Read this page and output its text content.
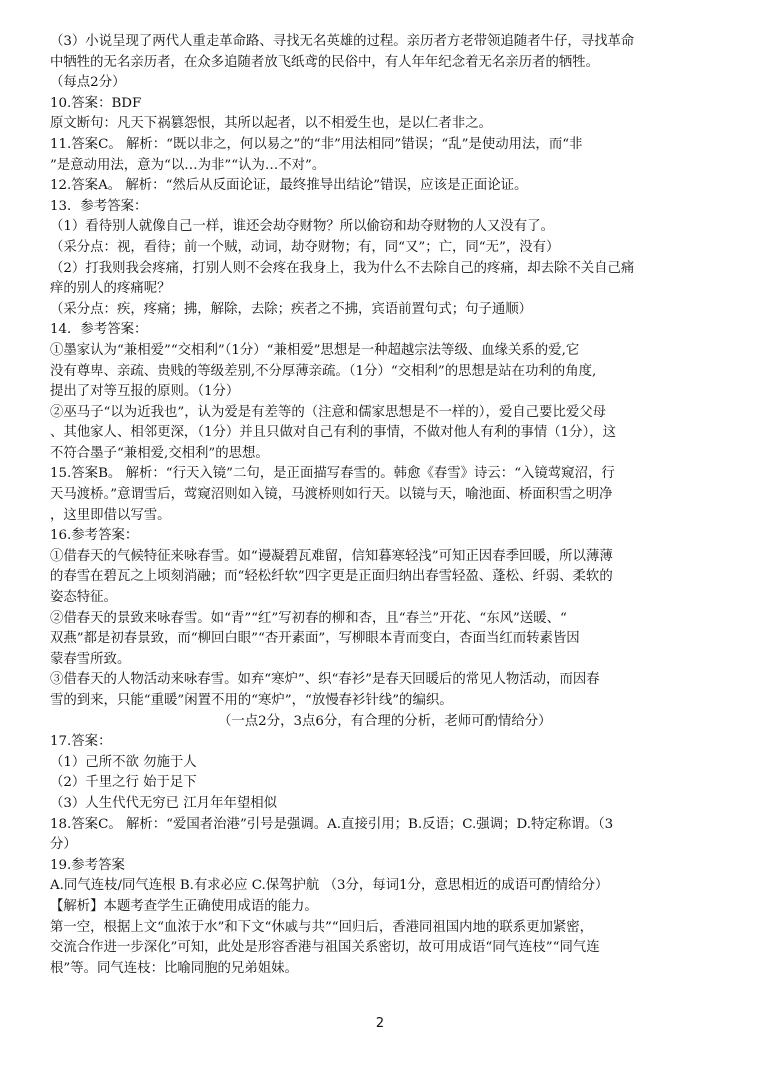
（3）小说呈现了两代人重走革命路、寻找无名英雄的过程。亲历者方老带领追随者牛仔，寻找革命
中牺牲的无名亲历者，在众多追随者放飞纸鸢的民俗中，有人年年纪念着无名亲历者的牺牲。
（每点2分）
10.答案：BDF
原文断句：凡天下祸篡怨恨，其所以起者，以不相爱生也，是以仁者非之。
11.答案C。 解析：“既以非之，何以易之”的“非”用法相同”错误；“乱”是使动用法，而“非
”是意动用法，意为“以…为非”“认为…不对”。
12.答案A。 解析：“然后从反面论证，最终推导出结论”错误，应该是正面论证。
13．参考答案：
（1）看待别人就像自己一样，谁还会劫夺财物？所以偷窃和劫夺财物的人又没有了。
（采分点：视，看待；前一个贼，动词，劫夺财物；有，同“又”；亡，同“无”，没有）
（2）打我则我会疼痛，打别人则不会疼在我身上，我为什么不去除自己的疼痛，却去除不关自己痛
痒的别人的疼痛呢？
（采分点：疾，疼痛；拂，解除，去除；疾者之不拂，宾语前置句式；句子通顺）
14．参考答案：
①墨家认为“兼相爱”“交相利”（1分）“兼相爱”思想是一种超越宗法等级、血缘关系的爱,它
没有尊卑、亲疏、贵贱的等级差别,不分厚薄亲疏。（1分）“交相利”的思想是站在功利的角度,
提出了对等互报的原则。（1分）
②巫马子“以为近我也”，认为爱是有差等的（注意和儒家思想是不一样的），爱自己要比爱父母
、其他家人、相邻更深，（1分）并且只做对自己有利的事情，不做对他人有利的事情（1分），这
不符合墨子“兼相爱,交相利”的思想。
15.答案B。 解析：“行天入镜”二句，是正面描写春雪的。韩愈《春雪》诗云：“入镜莺窥沼，行
天马渡桥。”意谓雪后，莺窥沼则如入镜，马渡桥则如行天。以镜与天，喻池面、桥面积雪之明净
，这里即借以写雪。
16.参考答案：
①借春天的气候特征来咏春雪。如“谩凝碧瓦难留，信知暮寒轻浅”可知正因春季回暖，所以薄薄
的春雪在碧瓦之上顷刻消融；而“轻松纤软”四字更是正面归纳出春雪轻盈、蓬松、纤弱、柔软的
姿态特征。
②借春天的景致来咏春雪。如“青”“红”写初春的柳和杏，且“春兰”开花、“东风”送暖、“
双燕”都是初春景致，而“柳回白眼”“杏开素面”，写柳眼本青而变白，杏面当红而转素皆因
蒙春雪所致。
③借春天的人物活动来咏春雪。如弃“寒炉”、织“春衫”是春天回暖后的常见人物活动，而因春
雪的到来，只能“重暖”闲置不用的“寒炉”，“放慢春衫针线”的编织。
（一点2分，3点6分，有合理的分析，老师可酌情给分）
17.答案：
（1）己所不欲 勿施于人
（2）千里之行 始于足下
（3）人生代代无穷已 江月年年望相似
18.答案C。 解析：“爱国者治港”引号是强调。A.直接引用；B.反语；C.强调；D.特定称谓。（3
分）
19.参考答案
A.同气连枝/同气连根 B.有求必应 C.保驾护航 （3分，每词1分，意思相近的成语可酌情给分）
【解析】本题考查学生正确使用成语的能力。
第一空，根据上文“血浓于水”和下文“休戚与共”“回归后，香港同祖国内地的联系更加紧密，
交流合作进一步深化”可知，此处是形容香港与祖国关系密切，故可用成语“同气连枝”“同气连
根”等。同气连枝：比喻同胞的兄弟姐妹。
2
